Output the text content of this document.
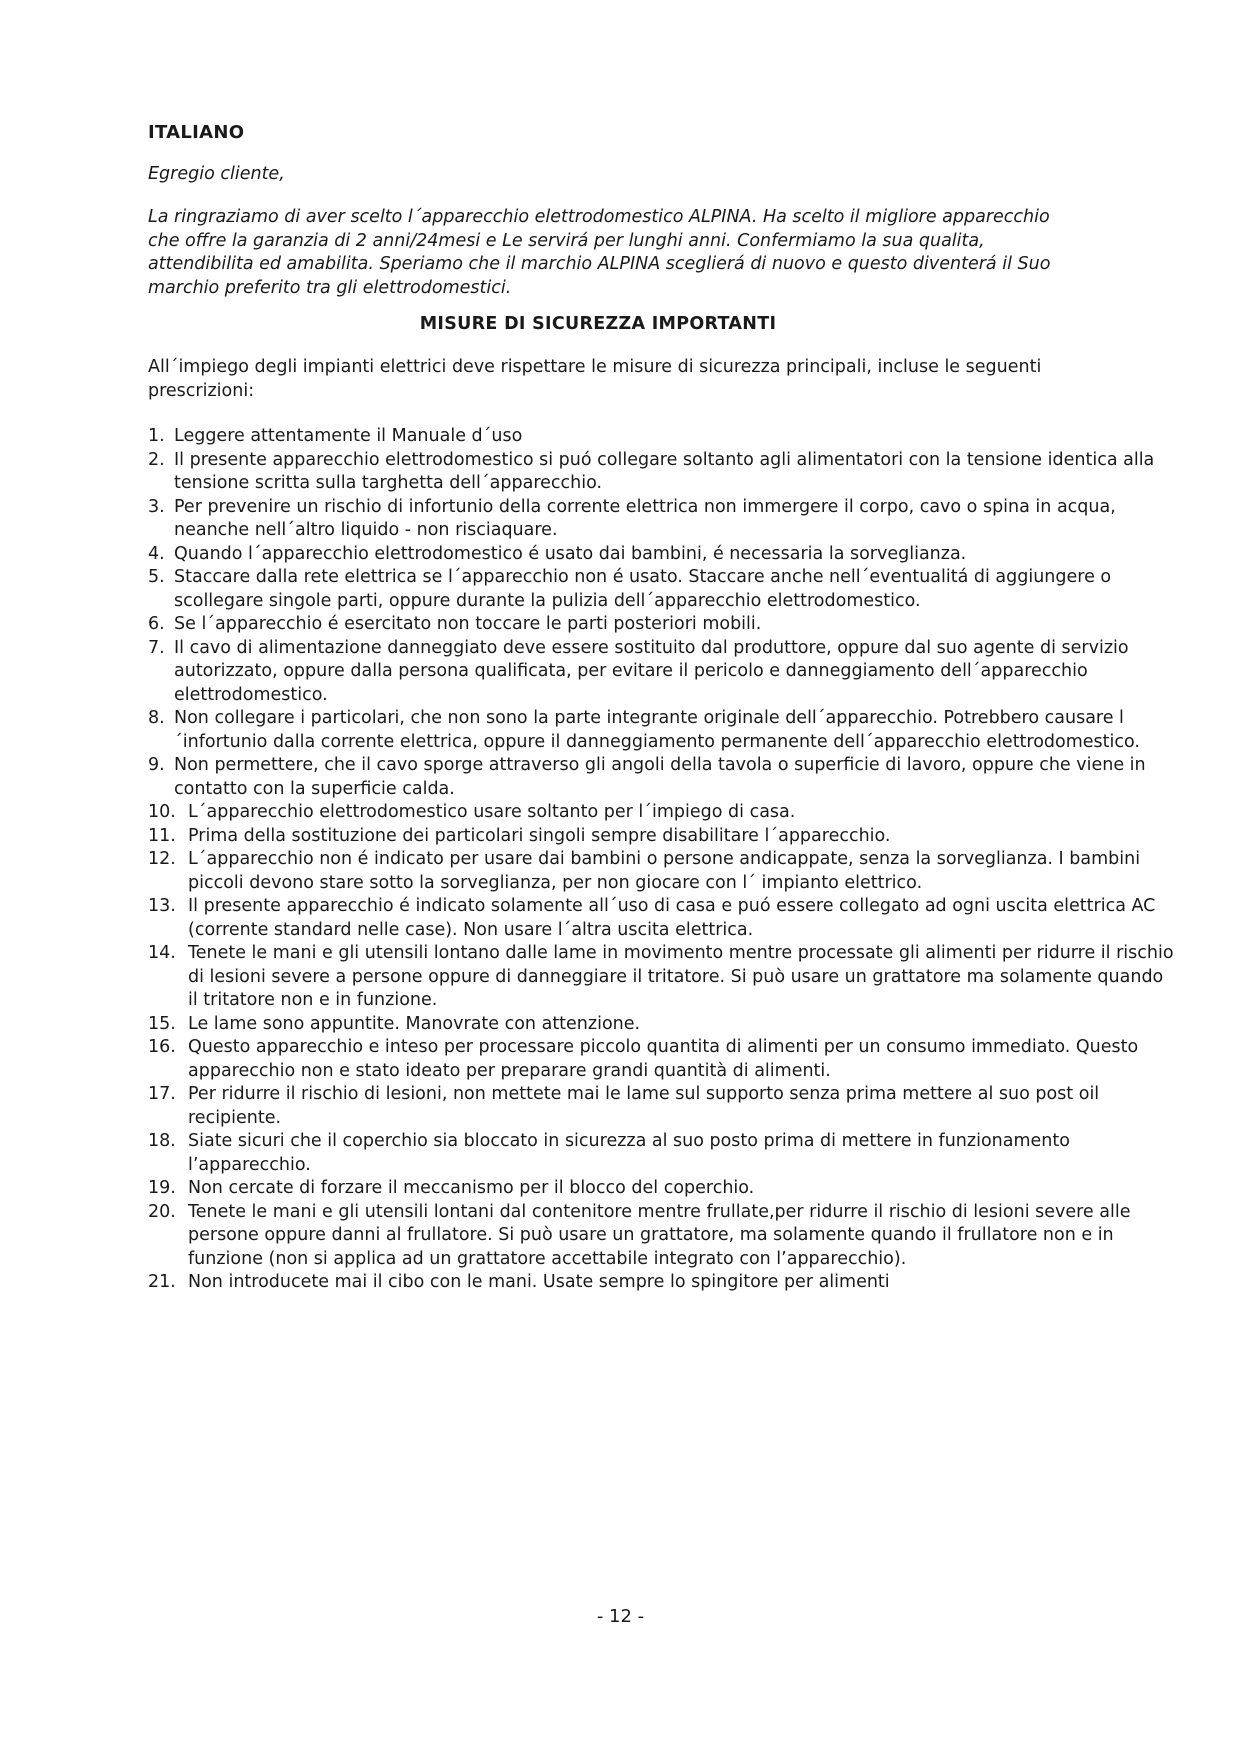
ITALIANO
Egregio cliente,
La ringraziamo di aver scelto l´apparecchio elettrodomestico ALPINA. Ha scelto il migliore apparecchio che offre la garanzia di 2 anni/24mesi e Le servirá per lunghi anni. Confermiamo la sua qualita, attendibilita ed amabilita. Speriamo che il marchio ALPINA sceglierá di nuovo e questo diventerá il Suo marchio preferito tra gli elettrodomestici.
MISURE DI SICUREZZA IMPORTANTI
All´impiego degli impianti elettrici deve rispettare le misure di sicurezza principali, incluse le seguenti prescrizioni:
1. Leggere attentamente il Manuale d´uso
2. Il presente apparecchio elettrodomestico si puó collegare soltanto agli alimentatori con la tensione identica alla tensione scritta sulla targhetta dell´apparecchio.
3. Per prevenire un rischio di infortunio della corrente elettrica non immergere il corpo, cavo o spina in acqua, neanche nell´altro liquido - non risciaquare.
4. Quando l´apparecchio elettrodomestico é usato dai bambini, é necessaria la sorveglianza.
5. Staccare dalla rete elettrica se l´apparecchio non é usato. Staccare anche nell´eventualitá di aggiungere o scollegare singole parti, oppure durante la pulizia dell´apparecchio elettrodomestico.
6. Se l´apparecchio é esercitato non toccare le parti posteriori mobili.
7. Il cavo di alimentazione danneggiato deve essere sostituito dal produttore, oppure dal suo agente di servizio autorizzato, oppure dalla persona qualificata, per evitare il pericolo e danneggiamento dell´apparecchio elettrodomestico.
8. Non collegare i particolari, che non sono la parte integrante originale dell´apparecchio. Potrebbero causare l´infortunio dalla corrente elettrica, oppure il danneggiamento permanente dell´apparecchio elettrodomestico.
9. Non permettere, che il cavo sporge attraverso gli angoli della tavola o superficie di lavoro, oppure che viene in contatto con la superficie calda.
10. L´apparecchio elettrodomestico usare soltanto per l´impiego di casa.
11. Prima della sostituzione dei particolari singoli sempre disabilitare l´apparecchio.
12. L´apparecchio non é indicato per usare dai bambini o persone andicappate, senza la sorveglianza. I bambini piccoli devono stare sotto la sorveglianza, per non giocare con l´ impianto elettrico.
13. Il presente apparecchio é indicato solamente all´uso di casa e puó essere collegato ad ogni uscita elettrica AC (corrente standard nelle case). Non usare l´altra uscita elettrica.
14. Tenete le mani e gli utensili lontano dalle lame in movimento mentre processate gli alimenti per ridurre il rischio di lesioni severe a persone oppure di danneggiare il tritatore. Si può usare un grattatore ma solamente quando il tritatore non e in funzione.
15. Le lame sono appuntite. Manovrate con attenzione.
16. Questo apparecchio e inteso per processare piccolo quantita di alimenti per un consumo immediato. Questo apparecchio non e stato ideato per preparare grandi quantità di alimenti.
17. Per ridurre il rischio di lesioni, non mettete mai le lame sul supporto senza prima mettere al suo post oil recipiente.
18. Siate sicuri che il coperchio sia bloccato in sicurezza al suo posto prima di mettere in funzionamento l’apparecchio.
19. Non cercate di forzare il meccanismo per il blocco del coperchio.
20. Tenete le mani e gli utensili lontani dal contenitore mentre frullate,per ridurre il rischio di lesioni severe alle persone oppure danni al frullatore. Si può usare un grattatore, ma solamente quando il frullatore non e in funzione (non si applica ad un grattatore accettabile integrato con l’apparecchio).
21. Non introducete mai il cibo con le mani. Usate sempre lo spingitore per alimenti
- 12 -
